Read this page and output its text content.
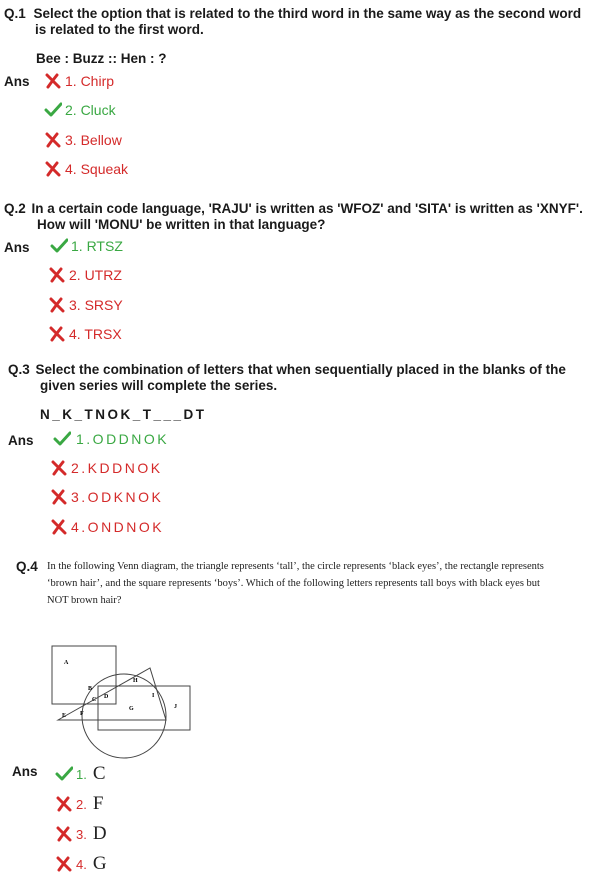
Q.1 Select the option that is related to the third word in the same way as the second word
is related to the first word.
Bee : Buzz :: Hen : ?
Ans	1. Chirp
2. Cluck
3. Bellow
4. Squeak
Q.2 In a certain code language, 'RAJU' is written as 'WFOZ' and 'SITA' is written as 'XNYF'.
How will 'MONU' be written in that language?
Ans	1. RTSZ
2. UTRZ
3. SRSY
4. TRSX
Q.3 Select the combination of letters that when sequentially placed in the blanks of the
given series will complete the series.
N_K_TNOK_T___DT
Ans	1.ODDNOK
2.KDDNOK
3.ODKNOK
4.ONDNOK
Q.4 In the following Venn diagram, the triangle represents ‘tall’, the circle represents ‘black eyes’, the rectangle represents
‘brown hair’, and the square represents ‘boys’. Which of the following letters represents tall boys with black eyes but
NOT brown hair?
A
B
C D
H
I
G	J
E F
Ans	1. C
2. F
3. D
4. G
